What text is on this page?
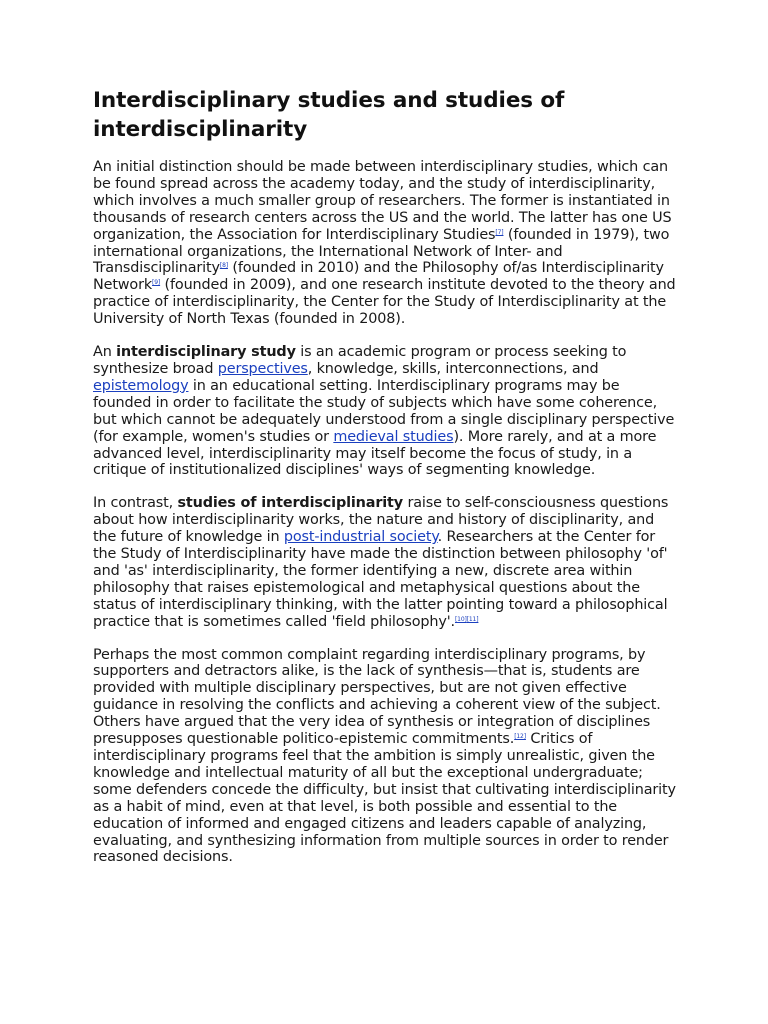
Interdisciplinary studies and studies of interdisciplinarity

An initial distinction should be made between interdisciplinary studies, which can be found spread across the academy today, and the study of interdisciplinarity, which involves a much smaller group of researchers. The former is instantiated in thousands of research centers across the US and the world. The latter has one US organization, the Association for Interdisciplinary Studies[7] (founded in 1979), two international organizations, the International Network of Inter- and Transdisciplinarity[8] (founded in 2010) and the Philosophy of/as Interdisciplinarity Network[9] (founded in 2009), and one research institute devoted to the theory and practice of interdisciplinarity, the Center for the Study of Interdisciplinarity at the University of North Texas (founded in 2008).

An interdisciplinary study is an academic program or process seeking to synthesize broad perspectives, knowledge, skills, interconnections, and epistemology in an educational setting. Interdisciplinary programs may be founded in order to facilitate the study of subjects which have some coherence, but which cannot be adequately understood from a single disciplinary perspective (for example, women's studies or medieval studies). More rarely, and at a more advanced level, interdisciplinarity may itself become the focus of study, in a critique of institutionalized disciplines' ways of segmenting knowledge.

In contrast, studies of interdisciplinarity raise to self-consciousness questions about how interdisciplinarity works, the nature and history of disciplinarity, and the future of knowledge in post-industrial society. Researchers at the Center for the Study of Interdisciplinarity have made the distinction between philosophy 'of' and 'as' interdisciplinarity, the former identifying a new, discrete area within philosophy that raises epistemological and metaphysical questions about the status of interdisciplinary thinking, with the latter pointing toward a philosophical practice that is sometimes called 'field philosophy'.[10][11]

Perhaps the most common complaint regarding interdisciplinary programs, by supporters and detractors alike, is the lack of synthesis—that is, students are provided with multiple disciplinary perspectives, but are not given effective guidance in resolving the conflicts and achieving a coherent view of the subject. Others have argued that the very idea of synthesis or integration of disciplines presupposes questionable politico-epistemic commitments.[12] Critics of interdisciplinary programs feel that the ambition is simply unrealistic, given the knowledge and intellectual maturity of all but the exceptional undergraduate; some defenders concede the difficulty, but insist that cultivating interdisciplinarity as a habit of mind, even at that level, is both possible and essential to the education of informed and engaged citizens and leaders capable of analyzing, evaluating, and synthesizing information from multiple sources in order to render reasoned decisions.
